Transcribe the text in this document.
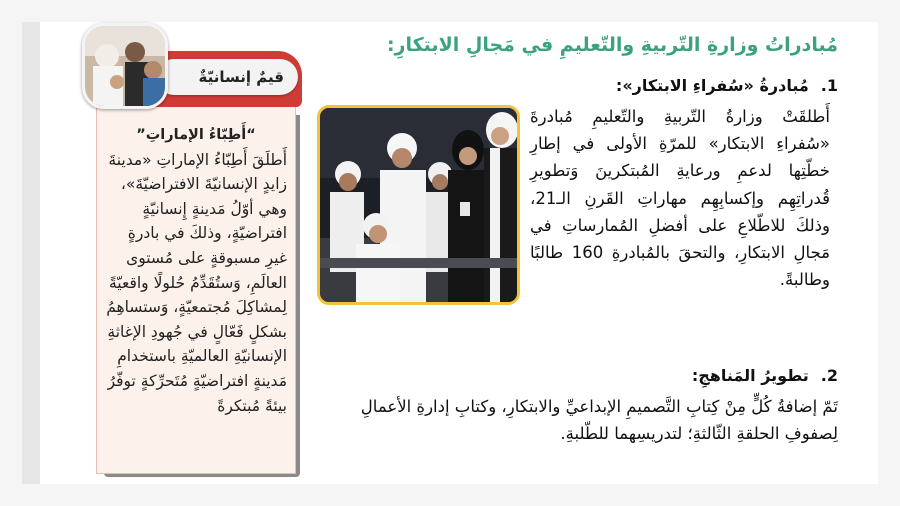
“أَطِبّاءُ الإماراتِ”
أَطلَقَ أَطِبّاءُ الإماراتِ «مدينةَ زايدٍ الإنسانيّةَ الافتراضيّةَ»، وهي أوّلُ مَدينةٍ إِنسانيّةٍ افتراضيّةٍ، وذلكَ في بادرةٍ غيرِ مسبوقةٍ على مُستوى العالَمِ، وَستُقَدِّمُ حُلولًا واقعيّةً لِمشاكِلَ مُجتمعيّةٍ، وَستساهِمُ بشكلٍ فَعّالٍ في جُهودِ الإغاثةِ الإنسانيّةِ العالميّةِ باستخدامِ مَدينةٍ افتراضيّةٍ مُتَحرِّكةٍ توفّرُ بيئةً مُبتكرةً
قيمٌ إنسانيّةٌ
مُبادراتُ وزارةِ التّربيةِ والتّعليمِ في مَجالِ الابتكارِ:
1.مُبادرةُ «سُفراءِ الابتكار»:
أَطلقَتْ وزارةُ التّربيةِ والتّعليمِ مُبادرةَ «سُفراءِ الابتكار» للمرّةِ الأولى في إطارِ خطّتِها لدعمِ ورعايةِ المُبتكرينَ وَتطويرِ قُدراتِهِم وإكسابِهِم مهاراتِ القَرنِ الـ21، وذلكَ للاطّلاعِ على أفضلِ المُمارساتِ في مَجالِ الابتكارِ، والتحقَ بالمُبادرةِ 160 طالبًا وطالبةً.
2.تطويرُ المَناهجِ:
تَمّ إضافةُ كُلٍّ مِنْ كِتابِ التَّصميمِ الإبداعيِّ والابتكارِ، وكتابِ إدارةِ الأعمالِ
لِصفوفِ الحلقةِ الثّالثةِ؛ لتدريسِهما للطّلبةِ.
